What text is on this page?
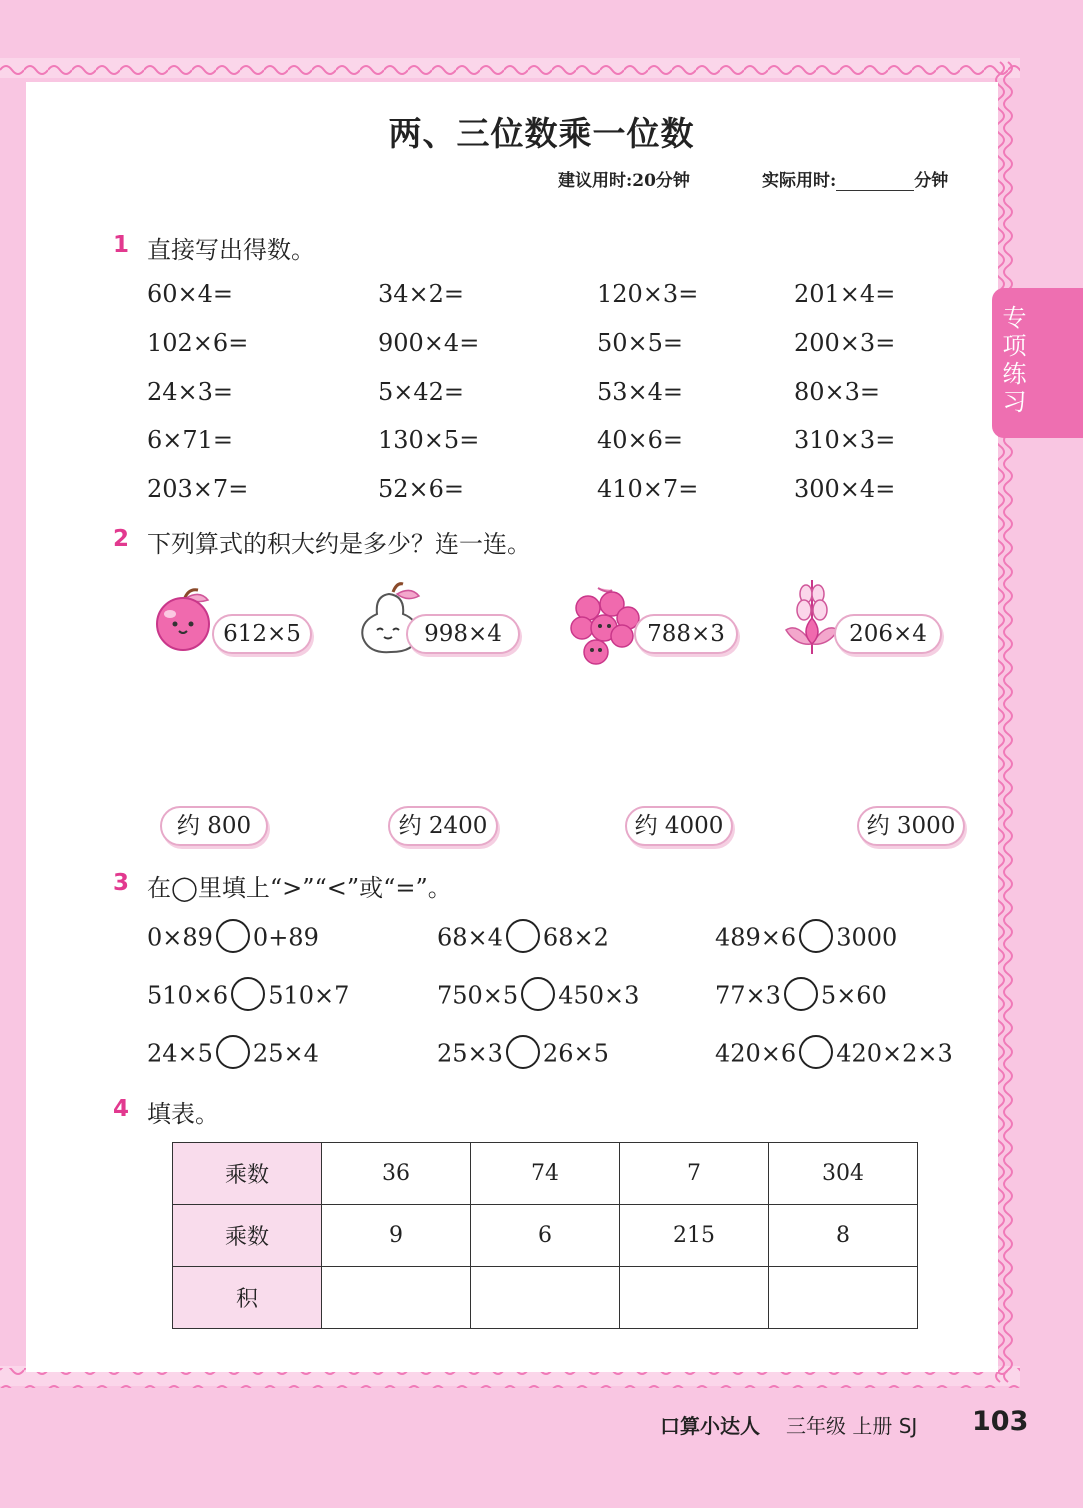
专
项
练
习
两、三位数乘一位数
建议用时:20分钟	实际用时:	分钟
1 直接写出得数。
60×4=	34×2=	120×3=	201×4=
102×6=	900×4=	50×5=	200×3=
24×3=	5×42=	53×4=	80×3=
6×71=	130×5=	40×6=	310×3=
203×7=	52×6=	410×7=	300×4=
2 下列算式的积大约是多少？连一连。
612×5	998×4	788×3	206×4
约 800	约 2400	约 4000	约 3000
3 在◯里填上“>”“<”或“=”。
0×89 0+89	68×4 68×2	489×6 3000
510×6 510×7	750×5 450×3	77×3 5×60
24×5 25×4	25×3 26×5	420×6 420×2×3
4 填表。
乘数	36	74	7	304
乘数	9	6	215	8
积				
口算小达人 三年级 上册 SJ 103
